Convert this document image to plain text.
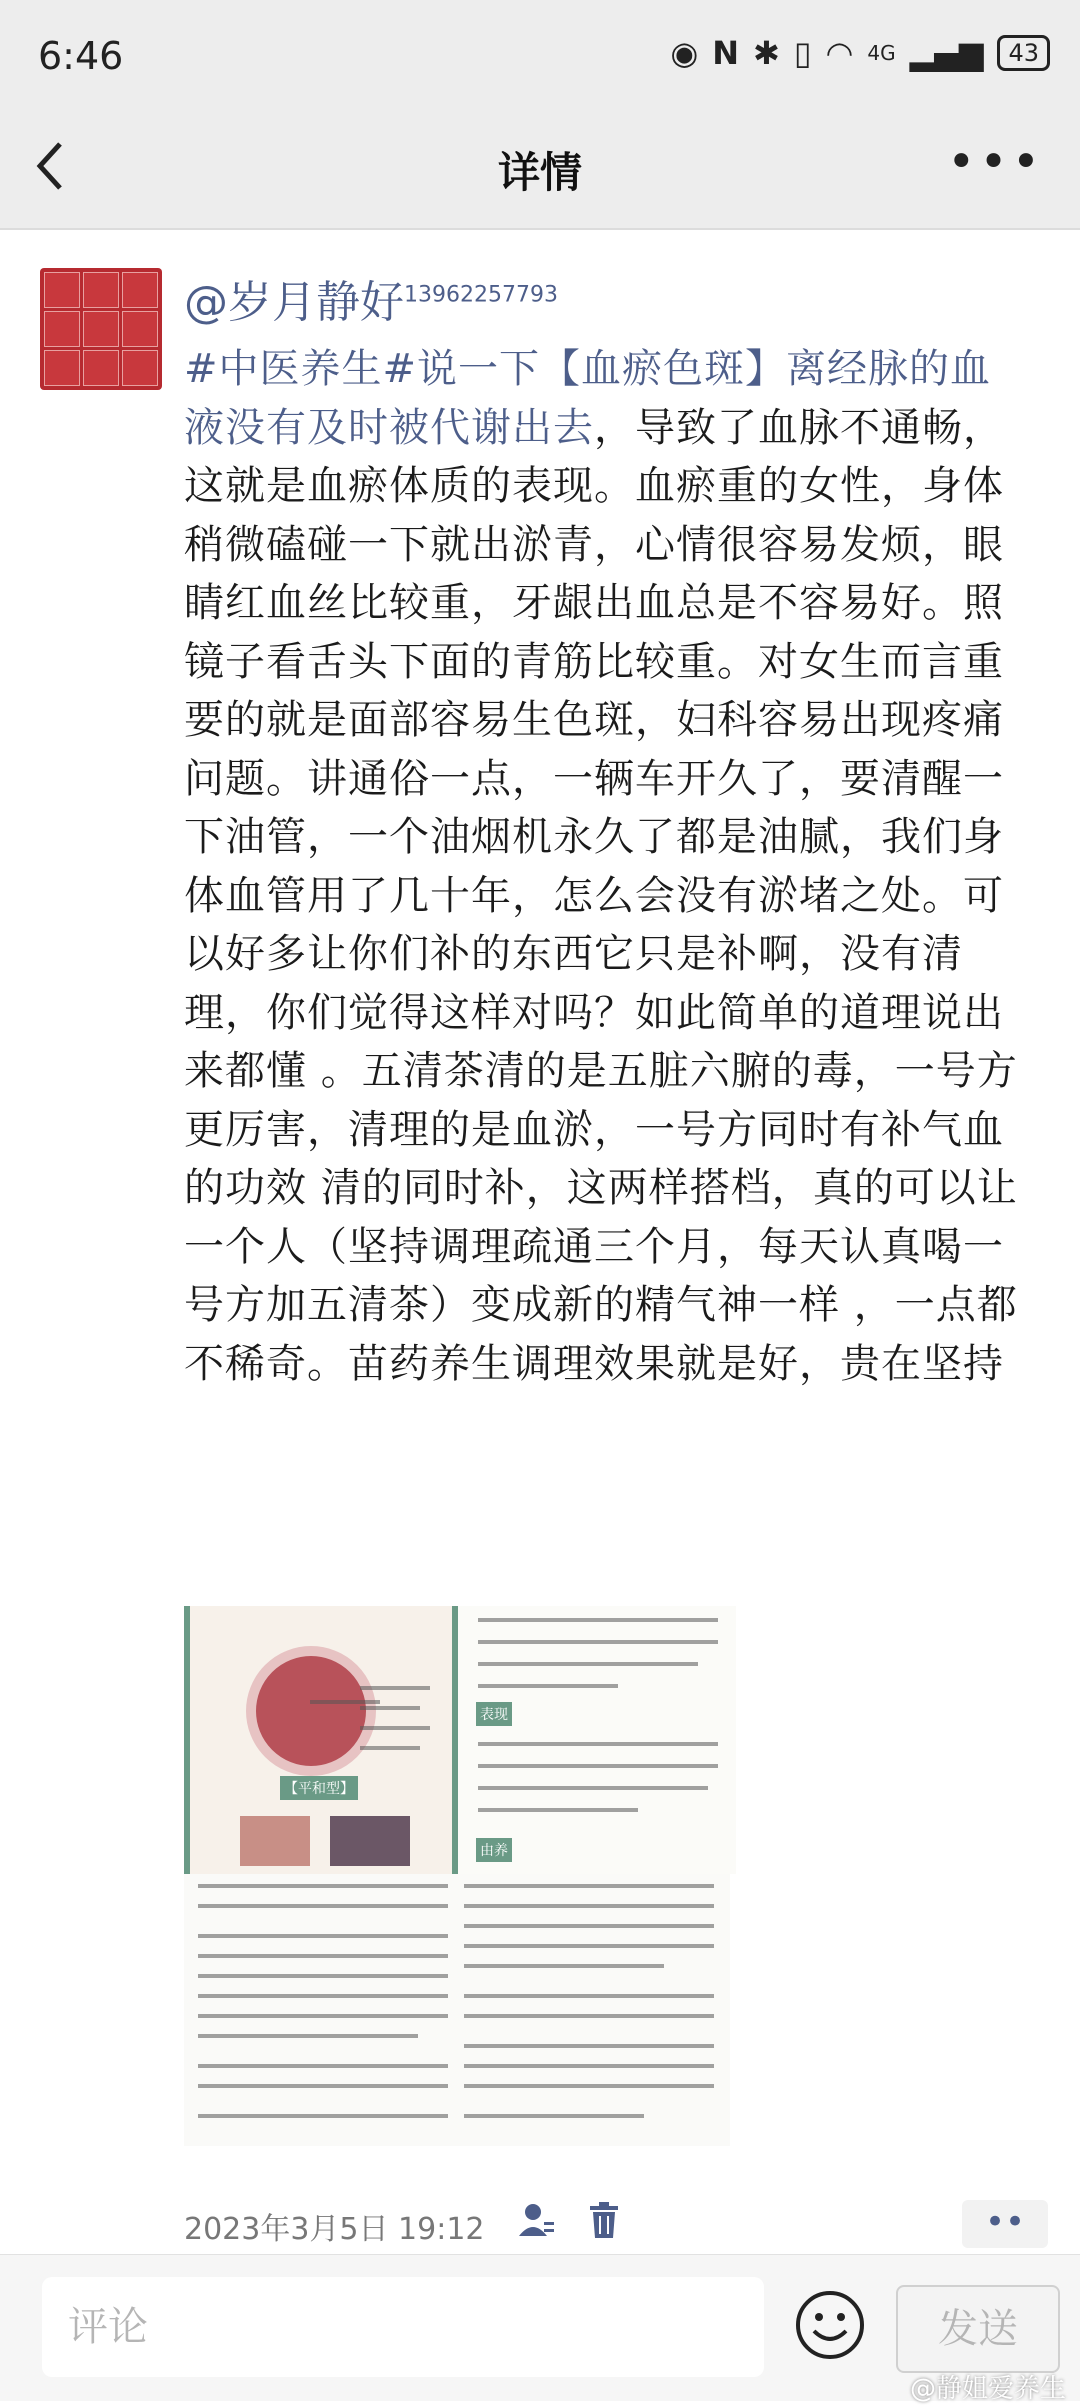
6:46	◉ N ✱ ▯ ◠ 4G ▂▄▆	43
详情	•••
@岁月静好$^{13962257793}$
#中医养生#说一下【血瘀色斑】离经脉的血液没有及时被代谢出去，导致了血脉不通畅，这就是血瘀体质的表现。血瘀重的女性，身体稍微磕碰一下就出淤青，心情很容易发烦，眼睛红血丝比较重，牙龈出血总是不容易好。照镜子看舌头下面的青筋比较重。对女生而言重要的就是面部容易生色斑，妇科容易出现疼痛问题。讲通俗一点，一辆车开久了，要清醒一下油管，一个油烟机永久了都是油腻，我们身体血管用了几十年，怎么会没有淤堵之处。可以好多让你们补的东西它只是补啊，没有清理，你们觉得这样对吗？如此简单的道理说出来都懂 。五清茶清的是五脏六腑的毒，一号方更厉害，清理的是血淤，一号方同时有补气血的功效 清的同时补，这两样搭档，真的可以让一个人（坚持调理疏通三个月，每天认真喝一号方加五清茶）变成新的精气神一样 ，一点都不稀奇。苗药养生调理效果就是好，贵在坚持
【平和型】
表现
由养
2023年3月5日 19:12	••
评论	发送
@静姐爱养生
